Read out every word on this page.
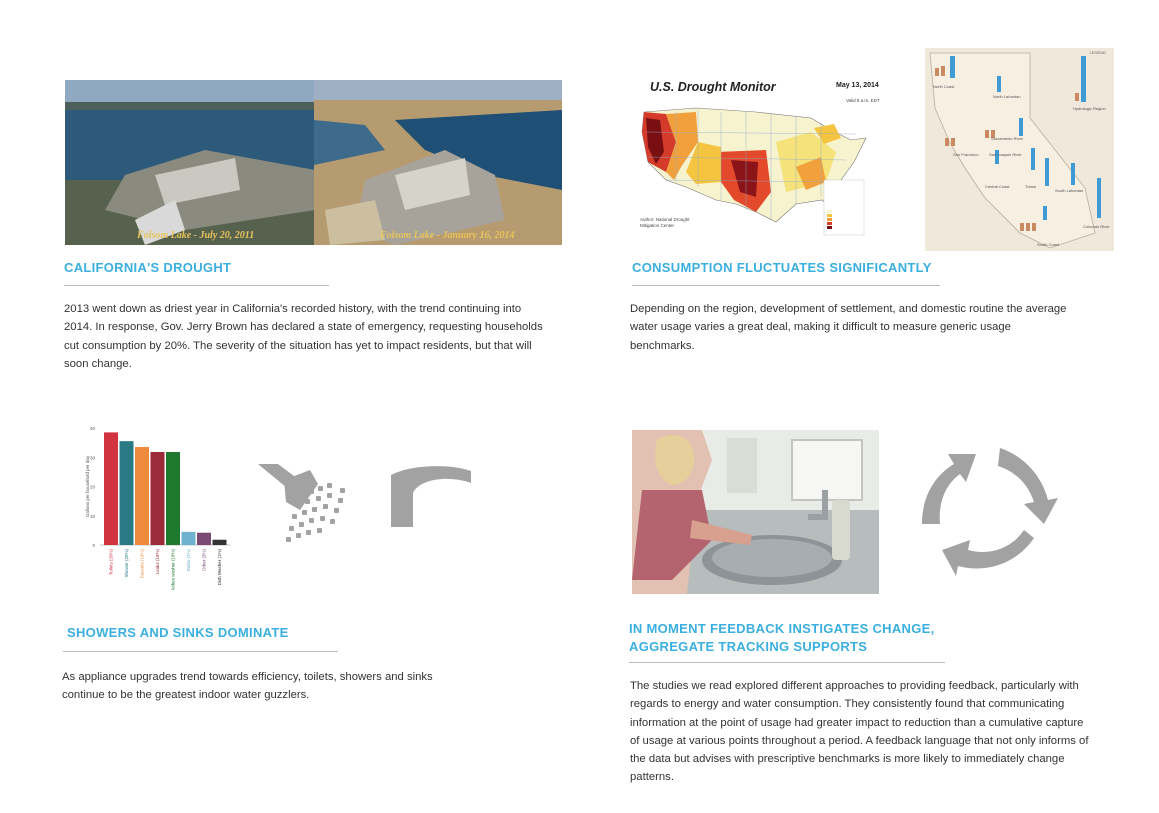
Folsom Lake - July 20, 2011	Folsom Lake - January 16, 2014
CALIFORNIA'S DROUGHT

2013 went down as driest year in California's recorded history, with the trend continuing into 2014. In response, Gov. Jerry Brown has declared a state of emergency, requesting households cut consumption by 20%. The severity of the situation has yet to impact residents, but that will soon change.

U.S. Drought Monitor	May 13, 2014
Valid 8 a.m. EDT
Author: National Drought Mitigation Center
LEGEND
North Coast
North Lahontan
Sacramento River
Hydrologic Region
San Francisco	San Joaquin River
Central Coast	Tulare
South Lahontan
Colorado River
South Coast
CONSUMPTION FLUCTUATES SIGNIFICANTLY

Depending on the region, development of settlement, and domestic routine the average water usage varies a great deal, making it difficult to measure generic usage benchmarks.

Gallons per household per day
0
10
20
30
40
Toilets (20%) Shower (20%) Faucets (19%) Leaks (18%) Clothes washer (18%) Baths (3%) Other (3%) Dish Washer (1%)
SHOWERS AND SINKS DOMINATE

As appliance upgrades trend towards efficiency, toilets, showers and sinks continue to be the greatest indoor water guzzlers.

IN MOMENT FEEDBACK INSTIGATES CHANGE,
AGGREGATE TRACKING SUPPORTS

The studies we read explored different approaches to providing feedback, particularly with regards to energy and water consumption. They consistently found that communicating information at the point of usage had greater impact to reduction than a cumulative capture of usage at various points throughout a period. A feedback language that not only informs of the data but advises with prescriptive benchmarks is more likely to immediately change patterns.
